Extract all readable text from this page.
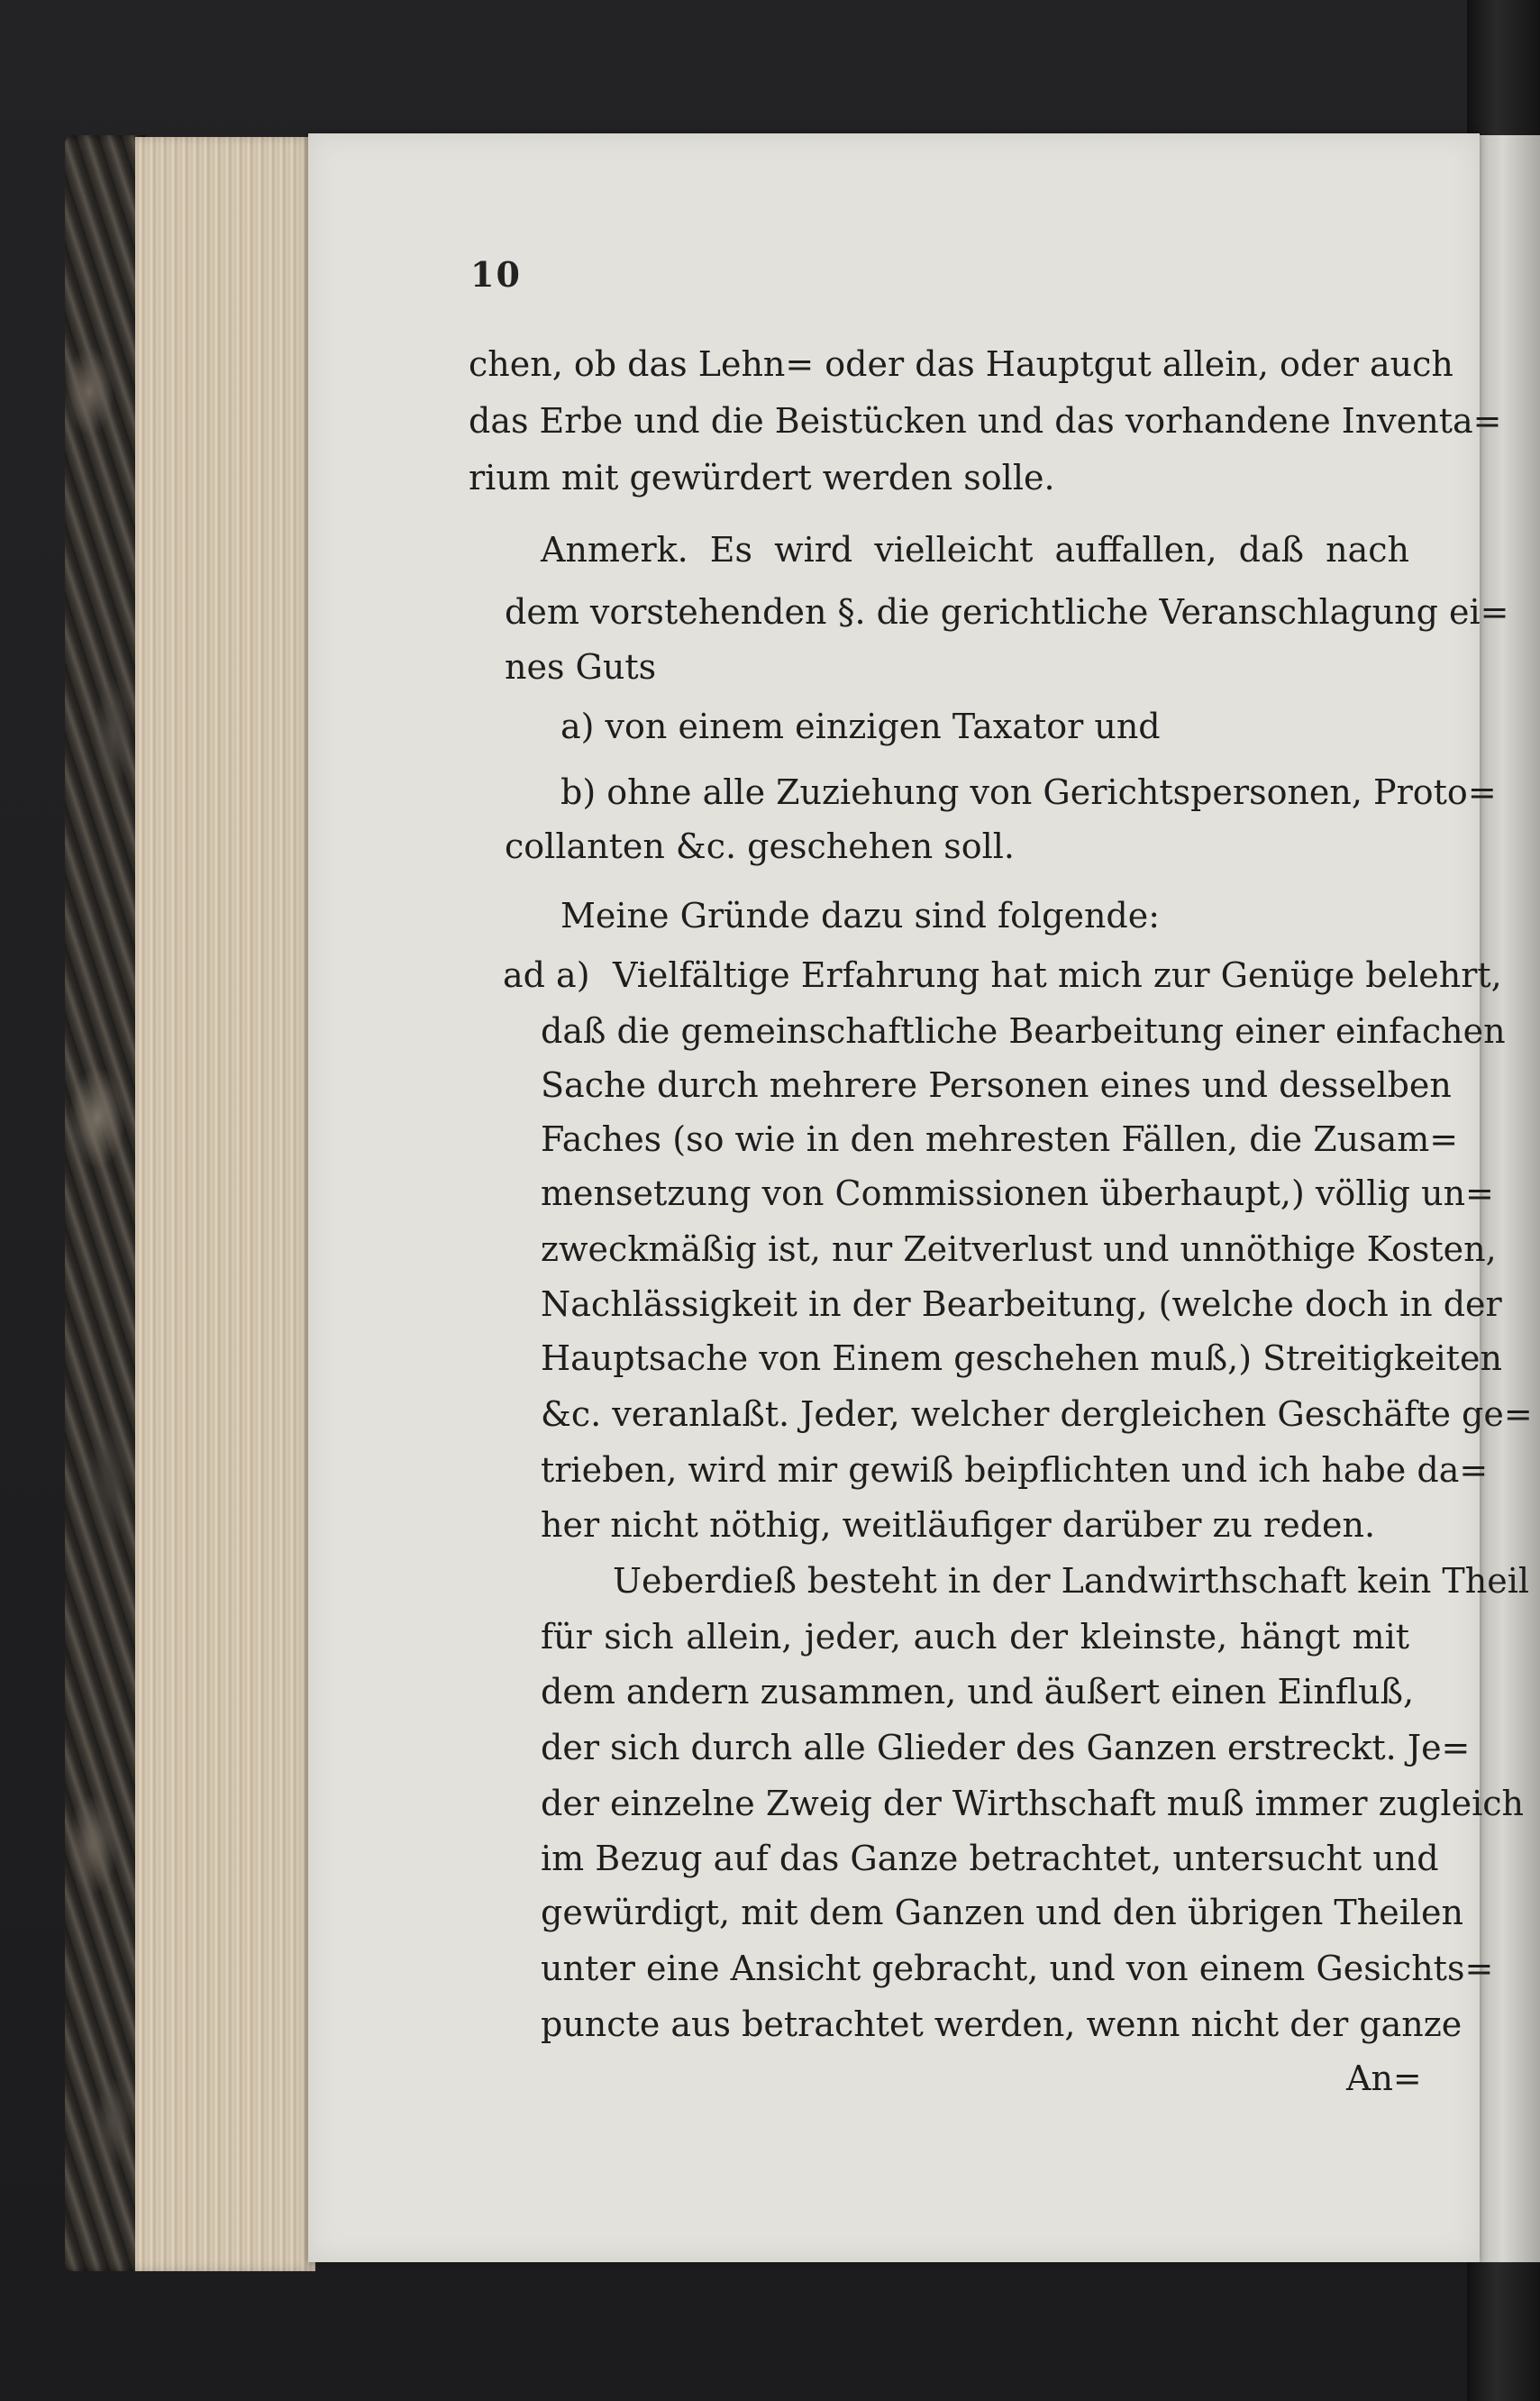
10
chen, ob das Lehn= oder das Hauptgut allein, oder auch
das Erbe und die Beistücken und das vorhandene Inventa=
rium mit gewürdert werden solle.
Anmerk. Es wird vielleicht auffallen, daß nach
dem vorstehenden §. die gerichtliche Veranschlagung ei=
nes Guts
a) von einem einzigen Taxator und
b) ohne alle Zuziehung von Gerichtspersonen, Proto=
collanten &c. geschehen soll.
Meine Gründe dazu sind folgende:
ad a) Vielfältige Erfahrung hat mich zur Genüge belehrt,
daß die gemeinschaftliche Bearbeitung einer einfachen
Sache durch mehrere Personen eines und desselben
Faches (so wie in den mehresten Fällen, die Zusam=
mensetzung von Commissionen überhaupt,) völlig un=
zweckmäßig ist, nur Zeitverlust und unnöthige Kosten,
Nachlässigkeit in der Bearbeitung, (welche doch in der
Hauptsache von Einem geschehen muß,) Streitigkeiten
&c. veranlaßt. Jeder, welcher dergleichen Geschäfte ge=
trieben, wird mir gewiß beipflichten und ich habe da=
her nicht nöthig, weitläufiger darüber zu reden.
Ueberdieß besteht in der Landwirthschaft kein Theil
für sich allein, jeder, auch der kleinste, hängt mit
dem andern zusammen, und äußert einen Einfluß,
der sich durch alle Glieder des Ganzen erstreckt. Je=
der einzelne Zweig der Wirthschaft muß immer zugleich
im Bezug auf das Ganze betrachtet, untersucht und
gewürdigt, mit dem Ganzen und den übrigen Theilen
unter eine Ansicht gebracht, und von einem Gesichts=
puncte aus betrachtet werden, wenn nicht der ganze
An=
